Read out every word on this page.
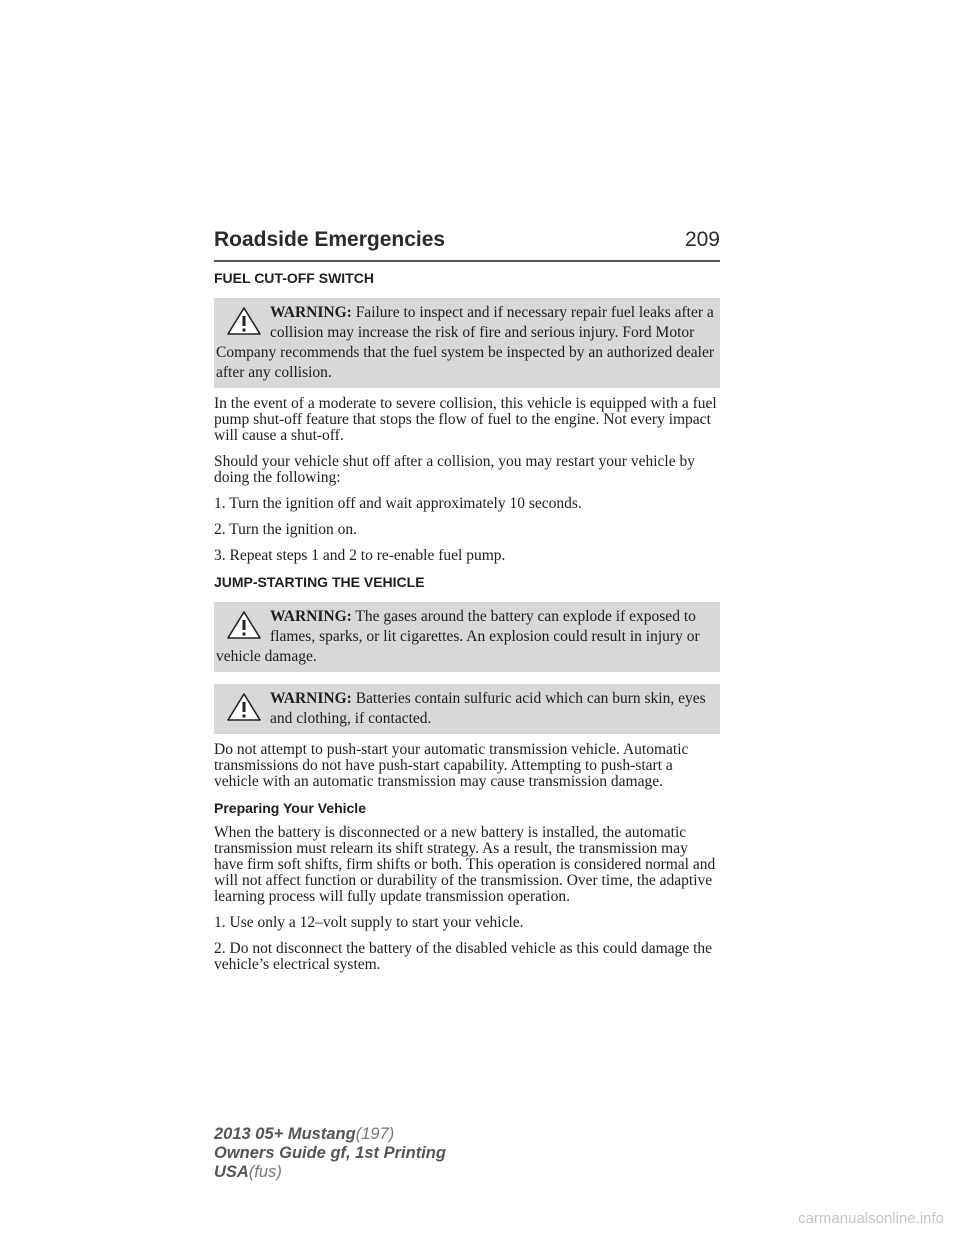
Roadside Emergencies	209
FUEL CUT-OFF SWITCH
WARNING: Failure to inspect and if necessary repair fuel leaks after a collision may increase the risk of fire and serious injury. Ford Motor Company recommends that the fuel system be inspected by an authorized dealer after any collision.

In the event of a moderate to severe collision, this vehicle is equipped with a fuel pump shut-off feature that stops the flow of fuel to the engine. Not every impact will cause a shut-off.

Should your vehicle shut off after a collision, you may restart your vehicle by doing the following:

1. Turn the ignition off and wait approximately 10 seconds.

2. Turn the ignition on.

3. Repeat steps 1 and 2 to re-enable fuel pump.

JUMP-STARTING THE VEHICLE
WARNING: The gases around the battery can explode if exposed to flames, sparks, or lit cigarettes. An explosion could result in injury or vehicle damage.
WARNING: Batteries contain sulfuric acid which can burn skin, eyes and clothing, if contacted.

Do not attempt to push-start your automatic transmission vehicle. Automatic transmissions do not have push-start capability. Attempting to push-start a vehicle with an automatic transmission may cause transmission damage.

Preparing Your Vehicle

When the battery is disconnected or a new battery is installed, the automatic transmission must relearn its shift strategy. As a result, the transmission may have firm soft shifts, firm shifts or both. This operation is considered normal and will not affect function or durability of the transmission. Over time, the adaptive learning process will fully update transmission operation.

1. Use only a 12–volt supply to start your vehicle.

2. Do not disconnect the battery of the disabled vehicle as this could damage the vehicle’s electrical system.

2013 05+ Mustang(197)
Owners Guide gf, 1st Printing
USA(fus)
carmanualsonline.info
